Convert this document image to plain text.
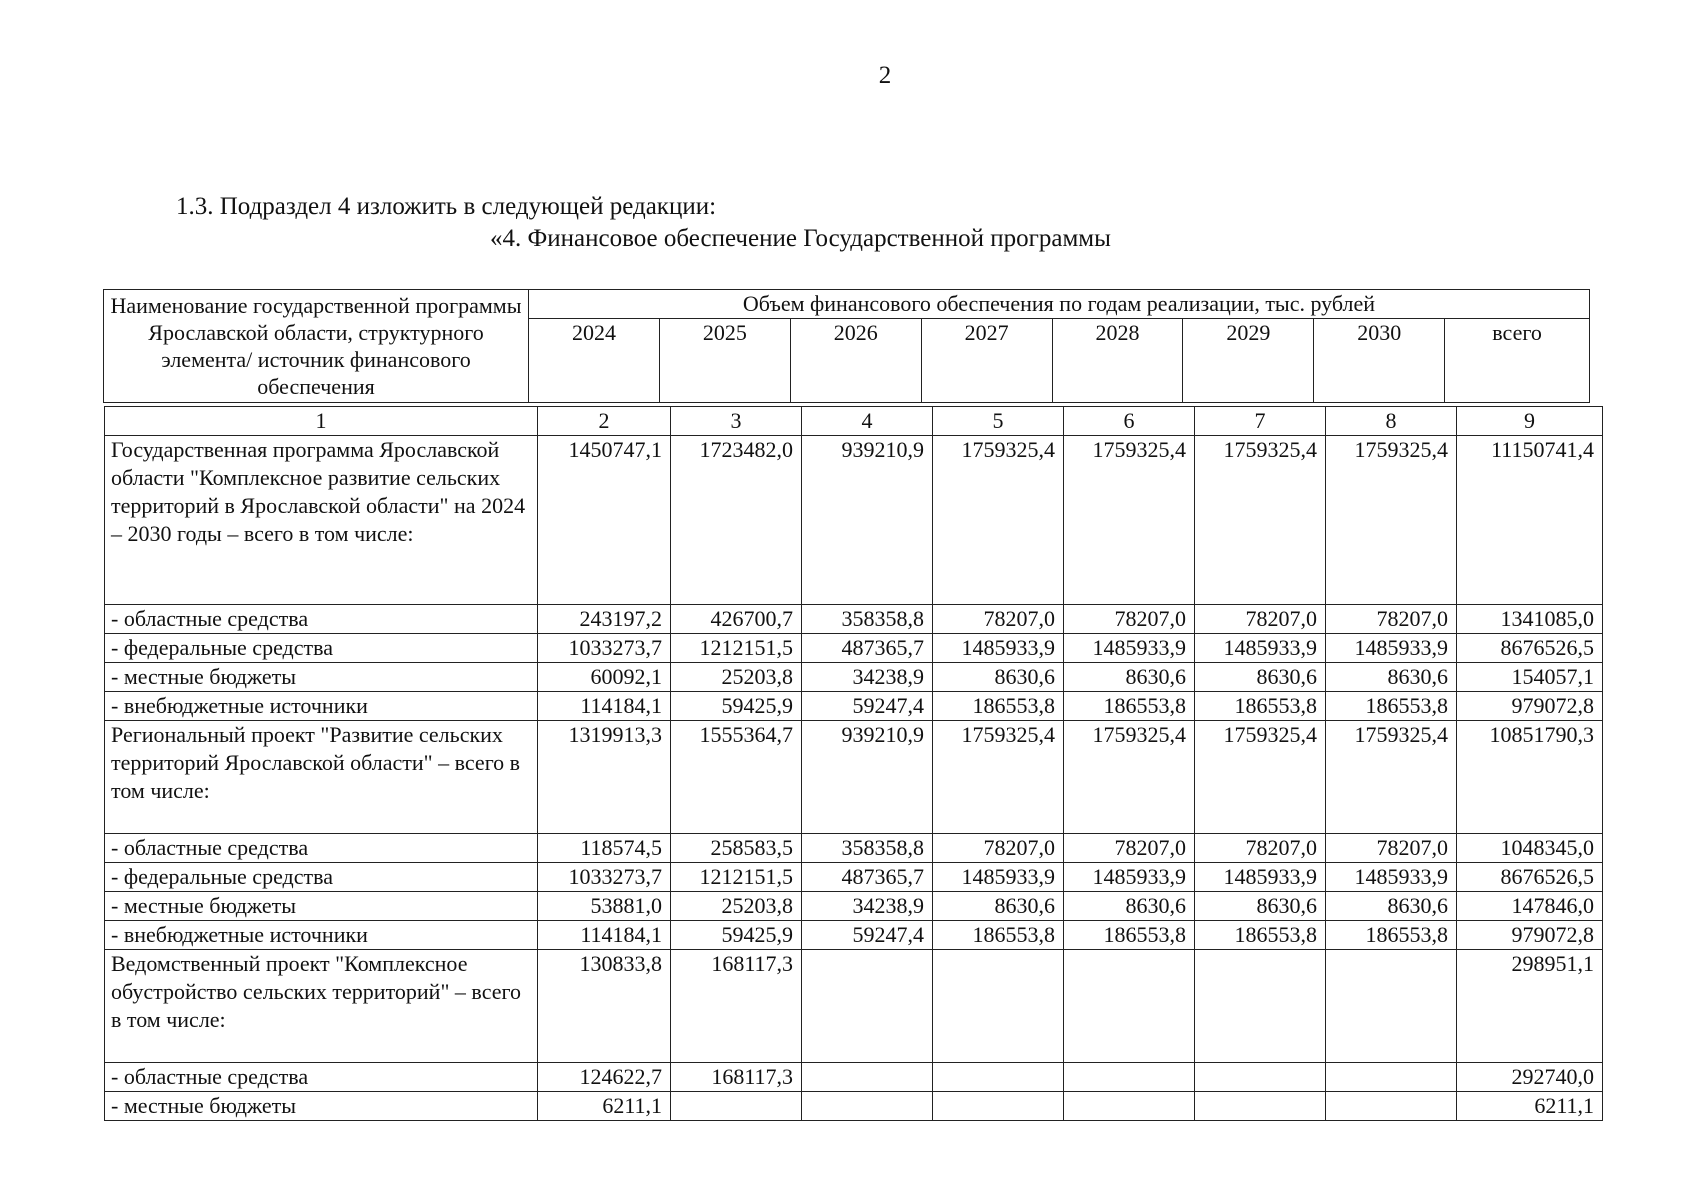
2
1.3. Подраздел 4 изложить в следующей редакции:
«4. Финансовое обеспечение Государственной программы
Наименование государственной программы Ярославской области, структурного элемента/ источник финансового обеспечения	Объем финансового обеспечения по годам реализации, тыс. рублей							
	2024	2025	2026	2027	2028	2029	2030	всего
1	2	3	4	5	6	7	8	9
Государственная программа Ярославской области "Комплексное развитие сельских территорий в Ярославской области" на 2024 – 2030 годы – всего в том числе:	1450747,1	1723482,0	939210,9	1759325,4	1759325,4	1759325,4	1759325,4	11150741,4
- областные средства	243197,2	426700,7	358358,8	78207,0	78207,0	78207,0	78207,0	1341085,0
- федеральные средства	1033273,7	1212151,5	487365,7	1485933,9	1485933,9	1485933,9	1485933,9	8676526,5
- местные бюджеты	60092,1	25203,8	34238,9	8630,6	8630,6	8630,6	8630,6	154057,1
- внебюджетные источники	114184,1	59425,9	59247,4	186553,8	186553,8	186553,8	186553,8	979072,8
Региональный проект "Развитие сельских территорий Ярославской области" – всего в том числе:	1319913,3	1555364,7	939210,9	1759325,4	1759325,4	1759325,4	1759325,4	10851790,3
- областные средства	118574,5	258583,5	358358,8	78207,0	78207,0	78207,0	78207,0	1048345,0
- федеральные средства	1033273,7	1212151,5	487365,7	1485933,9	1485933,9	1485933,9	1485933,9	8676526,5
- местные бюджеты	53881,0	25203,8	34238,9	8630,6	8630,6	8630,6	8630,6	147846,0
- внебюджетные источники	114184,1	59425,9	59247,4	186553,8	186553,8	186553,8	186553,8	979072,8
Ведомственный проект "Комплексное обустройство сельских территорий" – всего в том числе:	130833,8	168117,3						298951,1
- областные средства	124622,7	168117,3						292740,0
- местные бюджеты	6211,1							6211,1
